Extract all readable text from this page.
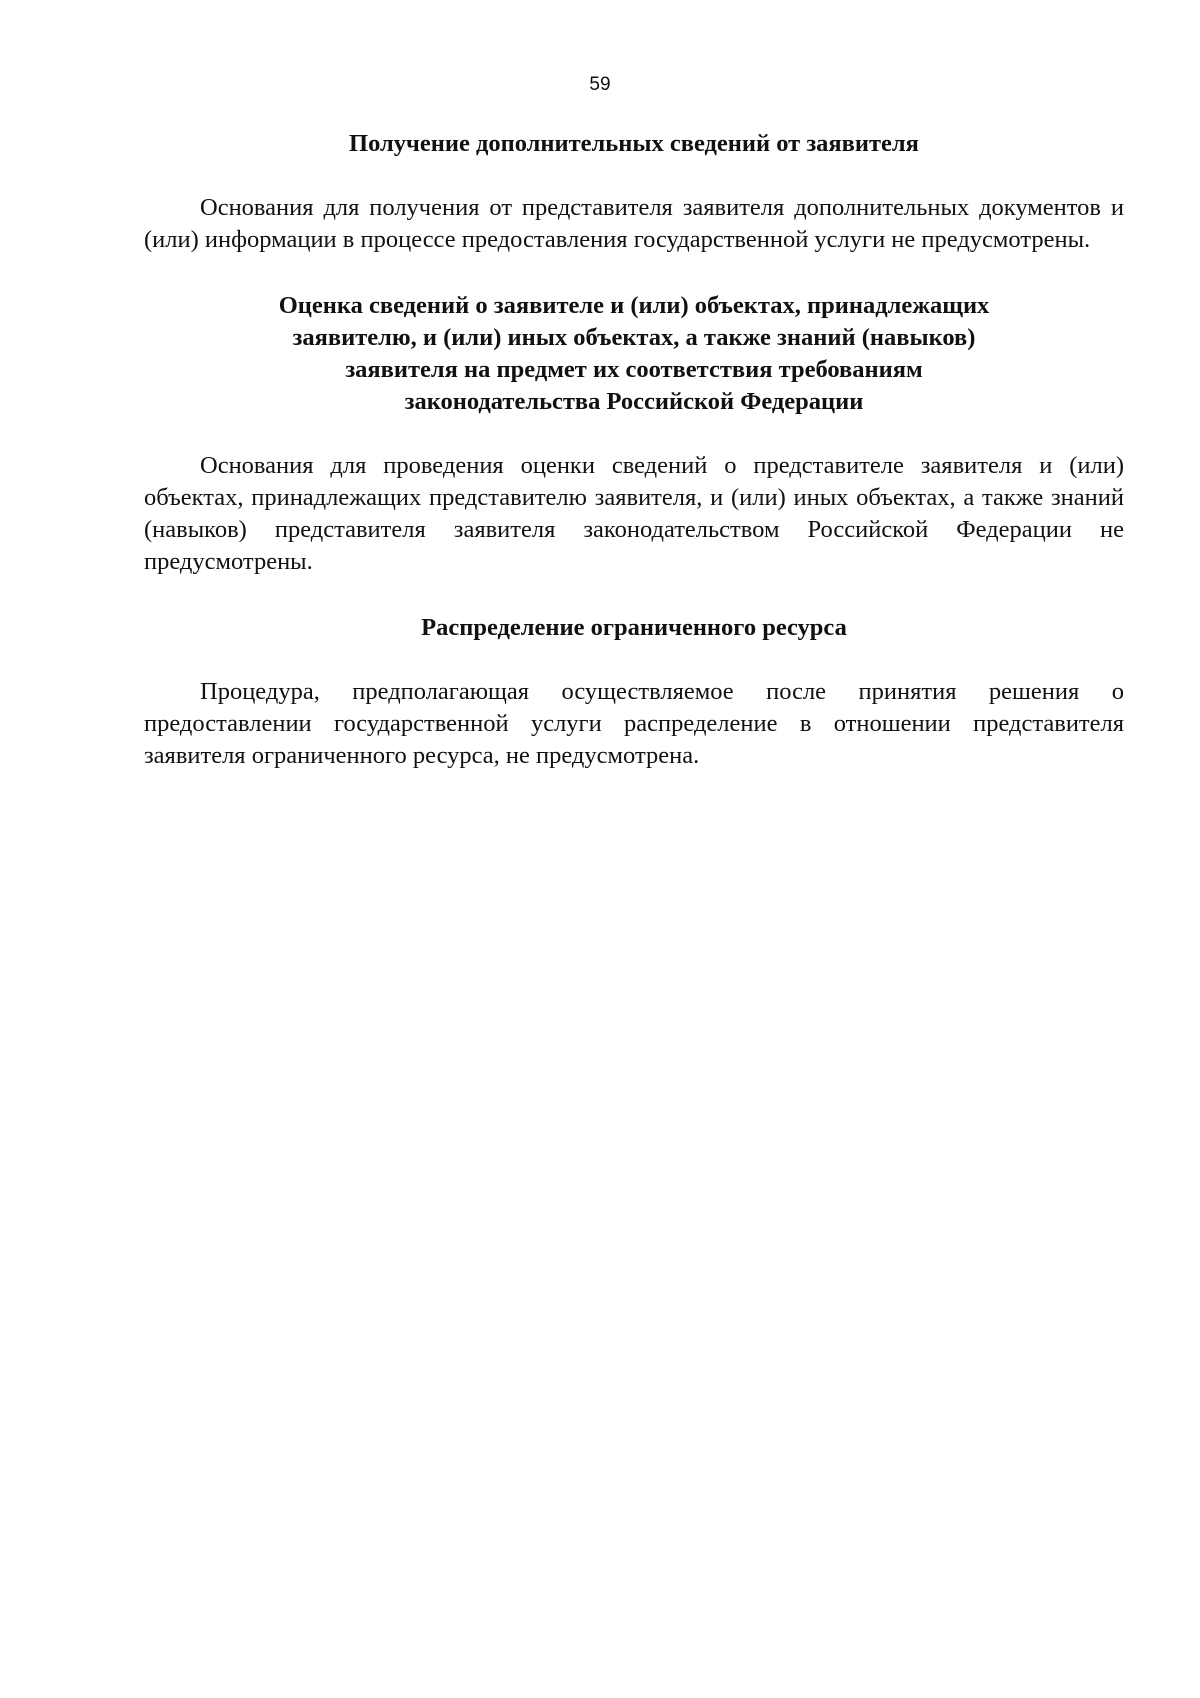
59
Получение дополнительных сведений от заявителя

Основания для получения от представителя заявителя дополнительных документов и (или) информации в процессе предоставления государственной услуги не предусмотрены.

Оценка сведений о заявителе и (или) объектах, принадлежащих
заявителю, и (или) иных объектах, а также знаний (навыков)
заявителя на предмет их соответствия требованиям
законодательства Российской Федерации

Основания для проведения оценки сведений о представителе заявителя и (или) объектах, принадлежащих представителю заявителя, и (или) иных объектах, а также знаний (навыков) представителя заявителя законодательством Российской Федерации не предусмотрены.

Распределение ограниченного ресурса

Процедура, предполагающая осуществляемое после принятия решения о предоставлении государственной услуги распределение в отношении представителя заявителя ограниченного ресурса, не предусмотрена.
